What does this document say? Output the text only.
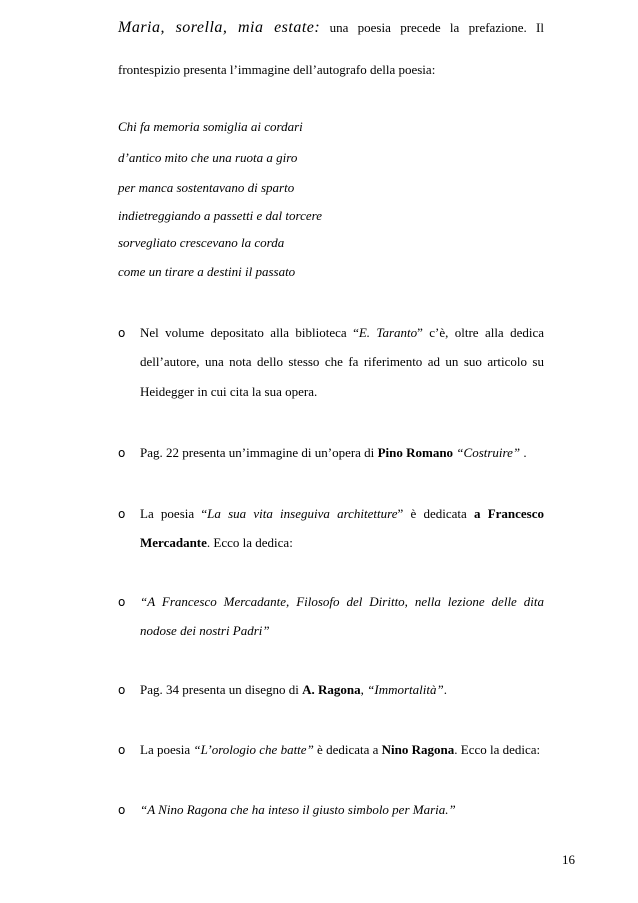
Maria, sorella, mia estate: una poesia precede la prefazione. Il
frontespizio presenta l’immagine dell’autografo della poesia:
Chi fa memoria somiglia ai cordari
d’antico mito che una ruota a giro
per manca sostentavano di sparto
indietreggiando a passetti e dal torcere
sorvegliato crescevano la corda
come un tirare a destini il passato
o Nel volume depositato alla biblioteca “E. Taranto” c’è, oltre alla dedica
dell’autore, una nota dello stesso che fa riferimento ad un suo articolo su
Heidegger in cui cita la sua opera.
o Pag. 22 presenta un’immagine di un’opera di Pino Romano “Costruire” .
o La poesia “La sua vita inseguiva architetture” è dedicata a Francesco
Mercadante. Ecco la dedica:
o “A Francesco Mercadante, Filosofo del Diritto, nella lezione delle dita
nodose dei nostri Padri”
o Pag. 34 presenta un disegno di A. Ragona, “Immortalità”.
o La poesia “L’orologio che batte” è dedicata a Nino Ragona. Ecco la dedica:
o “A Nino Ragona che ha inteso il giusto simbolo per Maria.”
16
